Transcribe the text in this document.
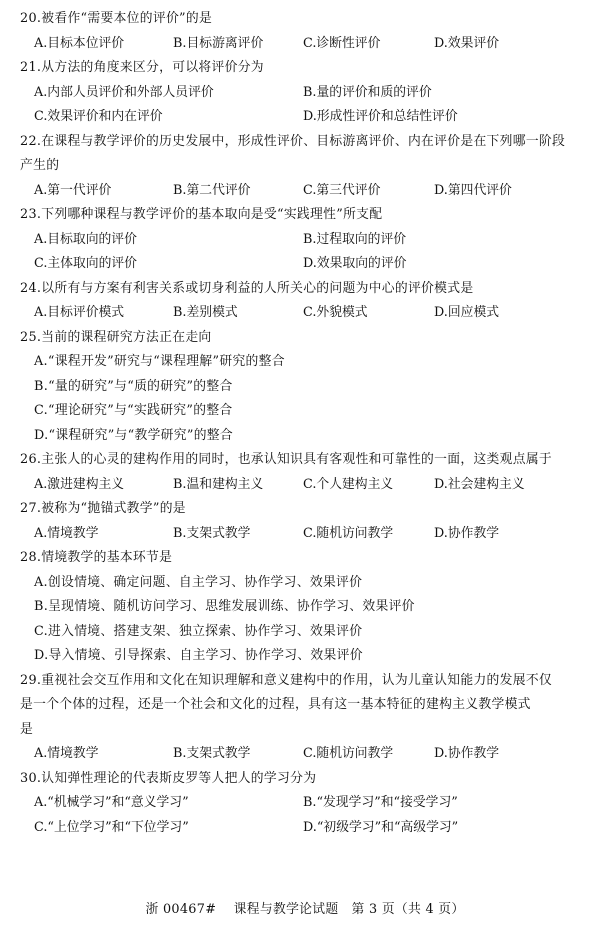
20.被看作“需要本位的评价”的是
A.目标本位评价	B.目标游离评价	C.诊断性评价	D.效果评价
21.从方法的角度来区分，可以将评价分为
A.内部人员评价和外部人员评价	B.量的评价和质的评价
C.效果评价和内在评价	D.形成性评价和总结性评价
22.在课程与教学评价的历史发展中，形成性评价、目标游离评价、内在评价是在下列哪一阶段
产生的
A.第一代评价	B.第二代评价	C.第三代评价	D.第四代评价
23.下列哪种课程与教学评价的基本取向是受“实践理性”所支配
A.目标取向的评价	B.过程取向的评价
C.主体取向的评价	D.效果取向的评价
24.以所有与方案有利害关系或切身利益的人所关心的问题为中心的评价模式是
A.目标评价模式	B.差别模式	C.外貌模式	D.回应模式
25.当前的课程研究方法正在走向
A.“课程开发”研究与“课程理解”研究的整合
B.“量的研究”与“质的研究”的整合
C.“理论研究”与“实践研究”的整合
D.“课程研究”与“教学研究”的整合
26.主张人的心灵的建构作用的同时，也承认知识具有客观性和可靠性的一面，这类观点属于
A.激进建构主义	B.温和建构主义	C.个人建构主义	D.社会建构主义
27.被称为“抛锚式教学”的是
A.情境教学	B.支架式教学	C.随机访问教学	D.协作教学
28.情境教学的基本环节是
A.创设情境、确定问题、自主学习、协作学习、效果评价
B.呈现情境、随机访问学习、思维发展训练、协作学习、效果评价
C.进入情境、搭建支架、独立探索、协作学习、效果评价
D.导入情境、引导探索、自主学习、协作学习、效果评价
29.重视社会交互作用和文化在知识理解和意义建构中的作用，认为儿童认知能力的发展不仅
是一个个体的过程，还是一个社会和文化的过程，具有这一基本特征的建构主义教学模式
是
A.情境教学	B.支架式教学	C.随机访问教学	D.协作教学
30.认知弹性理论的代表斯皮罗等人把人的学习分为
A.“机械学习”和“意义学习”	B.“发现学习”和“接受学习”
C.“上位学习”和“下位学习”	D.“初级学习”和“高级学习”
浙 00467#　 课程与教学论试题　第 3 页（共 4 页）
